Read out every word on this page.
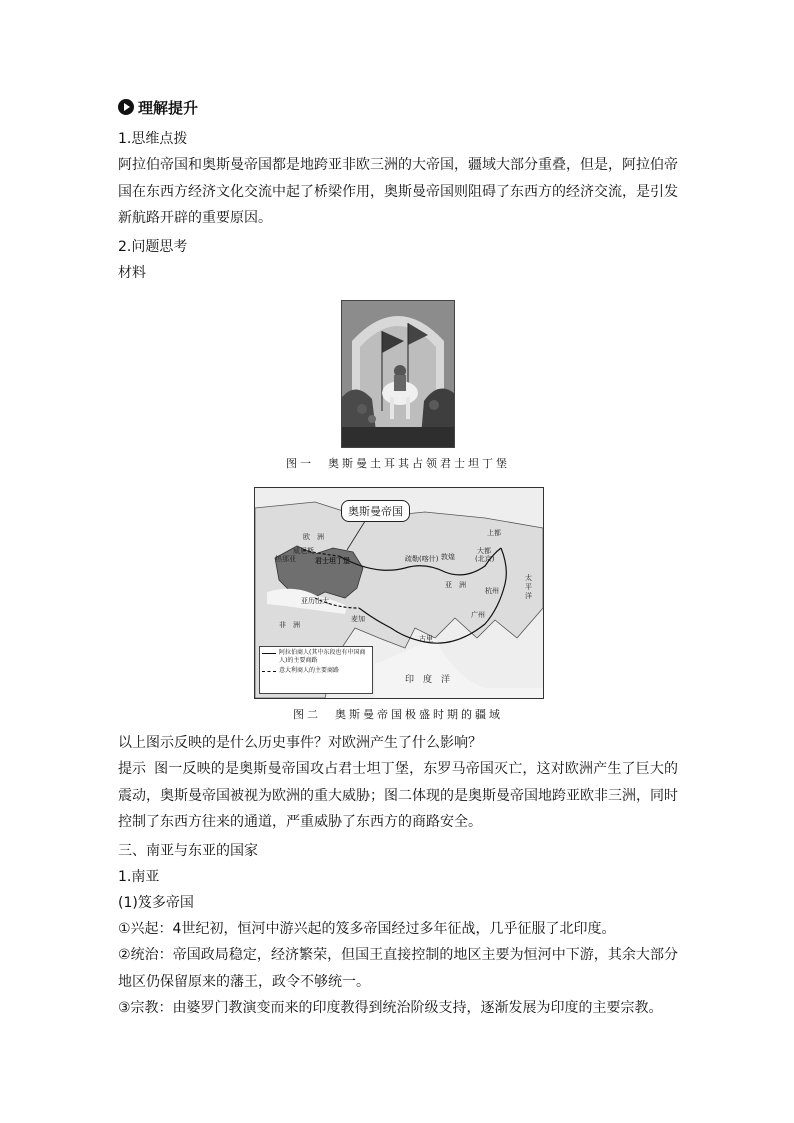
理解提升
1.思维点拨
阿拉伯帝国和奥斯曼帝国都是地跨亚非欧三洲的大帝国，疆域大部分重叠，但是，阿拉伯帝国在东西方经济文化交流中起了桥梁作用，奥斯曼帝国则阻碍了东西方的经济交流，是引发新航路开辟的重要原因。
2.问题思考
材料
图一　奥斯曼土耳其占领君士坦丁堡
奥斯曼帝国
欧　洲
威尼斯
热那亚	君士坦丁堡
非　洲
亚历山大
麦加
疏勒(喀什) 敦煌
上都
大都
(北京)
杭州
广州
亚　洲
太平洋
印　度　洋
古里
阿拉伯商人(其中东段也有中国商人)的主要商路
意大利商人的主要商路
图二　奥斯曼帝国极盛时期的疆域
以上图示反映的是什么历史事件？对欧洲产生了什么影响？
提示 图一反映的是奥斯曼帝国攻占君士坦丁堡，东罗马帝国灭亡，这对欧洲产生了巨大的震动，奥斯曼帝国被视为欧洲的重大威胁；图二体现的是奥斯曼帝国地跨亚欧非三洲，同时控制了东西方往来的通道，严重威胁了东西方的商路安全。
三、南亚与东亚的国家
1.南亚
(1)笈多帝国
①兴起：4世纪初，恒河中游兴起的笈多帝国经过多年征战，几乎征服了北印度。
②统治：帝国政局稳定，经济繁荣，但国王直接控制的地区主要为恒河中下游，其余大部分地区仍保留原来的藩王，政令不够统一。
③宗教：由婆罗门教演变而来的印度教得到统治阶级支持，逐渐发展为印度的主要宗教。
